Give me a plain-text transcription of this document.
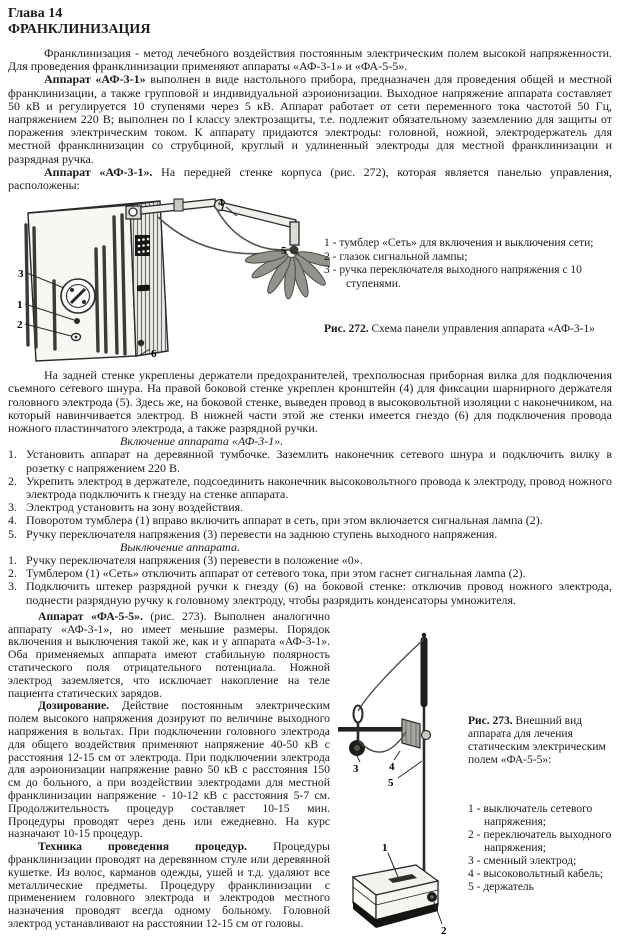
Глава 14
ФРАНКЛИНИЗАЦИЯ

Франклинизация - метод лечебного воздействия постоянным электрическим полем высокой напряженности. Для проведения франклинизации применяют аппараты «АФ-3-1» и «ФА-5-5».

Аппарат «АФ-3-1» выполнен в виде настольного прибора, предназначен для проведения общей и местной франклинизации, а также групповой и индивидуальной аэроионизации. Выходное напряжение аппарата составляет 50 кВ и регулируется 10 ступенями через 5 кВ. Аппарат работает от сети переменного тока частотой 50 Гц, напряжением 220 В; выполнен по I классу электрозащиты, т.е. подлежит обязательному заземлению для защиты от поражения электрическим током. К аппарату придаются электроды: головной, ножной, электродержатель для местной франклинизации со струбциной, круглый и удлиненный электроды для местной франклинизации и разрядная ручка.

Аппарат «АФ-3-1». На передней стенке корпуса (рис. 272), которая является панелью управления, расположены:

3
1
2
4
5
6
1 - тумблер «Сеть» для включения и выключения сети;
2 - глазок сигнальной лампы;
3 - ручка переключателя выходного напряжения с 10 ступенями.
Рис. 272. Схема панели управления аппарата «АФ-3-1»

На задней стенке укреплены держатели предохранителей, трехполюсная приборная вилка для подключения съемного сетевого шнура. На правой боковой стенке укреплен кронштейн (4) для фиксации шарнирного держателя головного электрода (5). Здесь же, на боковой стенке, выведен провод в высоковольтной изоляции с наконечником, на который навинчивается электрод. В нижней части этой же стенки имеется гнездо (6) для подключения провода ножного пластинчатого электрода, а также разрядной ручки.

Включение аппарата «АФ-3-1».

1. Установить аппарат на деревянной тумбочке. Заземлить наконечник сетевого шнура и подключить вилку в розетку с напряжением 220 В.
2. Укрепить электрод в держателе, подсоединить наконечник высоковольтного провода к электроду, провод ножного электрода подключить к гнезду на стенке аппарата.
3. Электрод установить на зону воздействия.
4. Поворотом тумблера (1) вправо включить аппарат в сеть, при этом включается сигнальная лампа (2).
5. Ручку переключателя напряжения (3) перевести на заднюю ступень выходного напряжения.

Выключение аппарата.

1. Ручку переключателя напряжения (3) перевести в положение «0».
2. Тумблером (1) «Сеть» отключить аппарат от сетевого тока, при этом гаснет сигнальная лампа (2).
3. Подключить штекер разрядной ручки к гнезду (6) на боковой стенке: отключив провод ножного электрода, поднести разрядную ручку к головному электроду, чтобы разрядить конденсаторы умножителя.

Аппарат «ФА-5-5». (рис. 273). Выполнен аналогично аппарату «АФ-3-1», но имеет меньшие размеры. Порядок включения и выключения такой же, как и у аппарата «АФ-3-1». Оба применяемых аппарата имеют стабильную полярность статического поля отрицательного потенциала. Ножной электрод заземляется, что исключает накопление на теле пациента статических зарядов.

Дозирование. Действие постоянным электрическим полем высокого напряжения дозируют по величине выходного напряжения в вольтах. При подключении головного электрода для общего воздействия применяют напряжение 40-50 кВ с расстояния 12-15 см от электрода. При подключении электрода для аэроионизации напряжение равно 50 кВ с расстояния 150 см до больного, а при воздействии электродами для местной франклинизации напряжение - 10-12 кВ с расстояния 5-7 см. Продолжительность процедур составляет 10-15 мин. Процедуры проводят через день или ежедневно. На курс назначают 10-15 процедур.

Техника проведения процедур. Процедуры франклинизации проводят на деревянном стуле или деревянной кушетке. Из волос, карманов одежды, ушей и т.д. удаляют все металлические предметы. Процедуру франклинизации с применением головного электрода и электродов местного назначения проводят всегда одному больному. Головной электрод устанавливают на расстоянии 12-15 см от головы.

3	4
5
1
2
Рис. 273. Внешний вид аппарата для лечения статическим электрическим полем «ФА-5-5»:
1 - выключатель сетевого напряжения;
2 - переключатель выходного напряжения;
3 - сменный электрод;
4 - высоковольтный кабель;
5 - держатель
